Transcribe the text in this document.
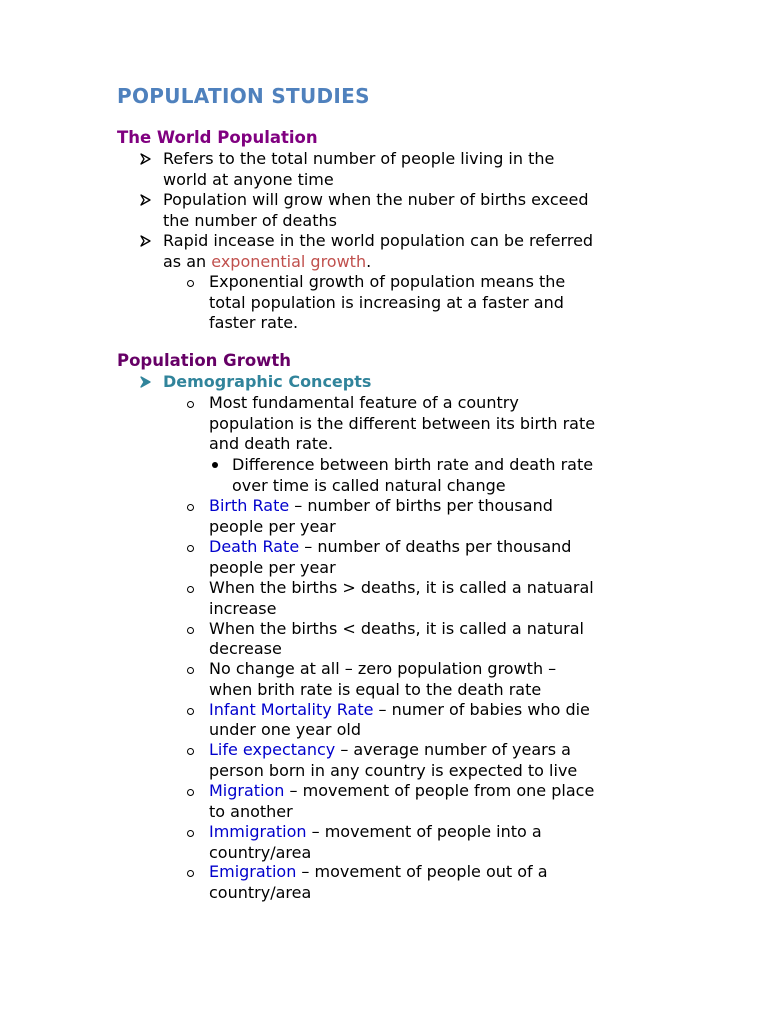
POPULATION STUDIES
The World Population
Refers to the total number of people living in the
world at anyone time
Population will grow when the nuber of births exceed
the number of deaths
Rapid incease in the world population can be referred
as an exponential growth.
Exponential growth of population means the
total population is increasing at a faster and
faster rate.
Population Growth
Demographic Concepts
Most fundamental feature of a country
population is the different between its birth rate
and death rate.
Difference between birth rate and death rate
over time is called natural change
Birth Rate – number of births per thousand
people per year
Death Rate – number of deaths per thousand
people per year
When the births > deaths, it is called a natuaral
increase
When the births < deaths, it is called a natural
decrease
No change at all – zero population growth –
when brith rate is equal to the death rate
Infant Mortality Rate – numer of babies who die
under one year old
Life expectancy – average number of years a
person born in any country is expected to live
Migration – movement of people from one place
to another
Immigration – movement of people into a
country/area
Emigration – movement of people out of a
country/area
